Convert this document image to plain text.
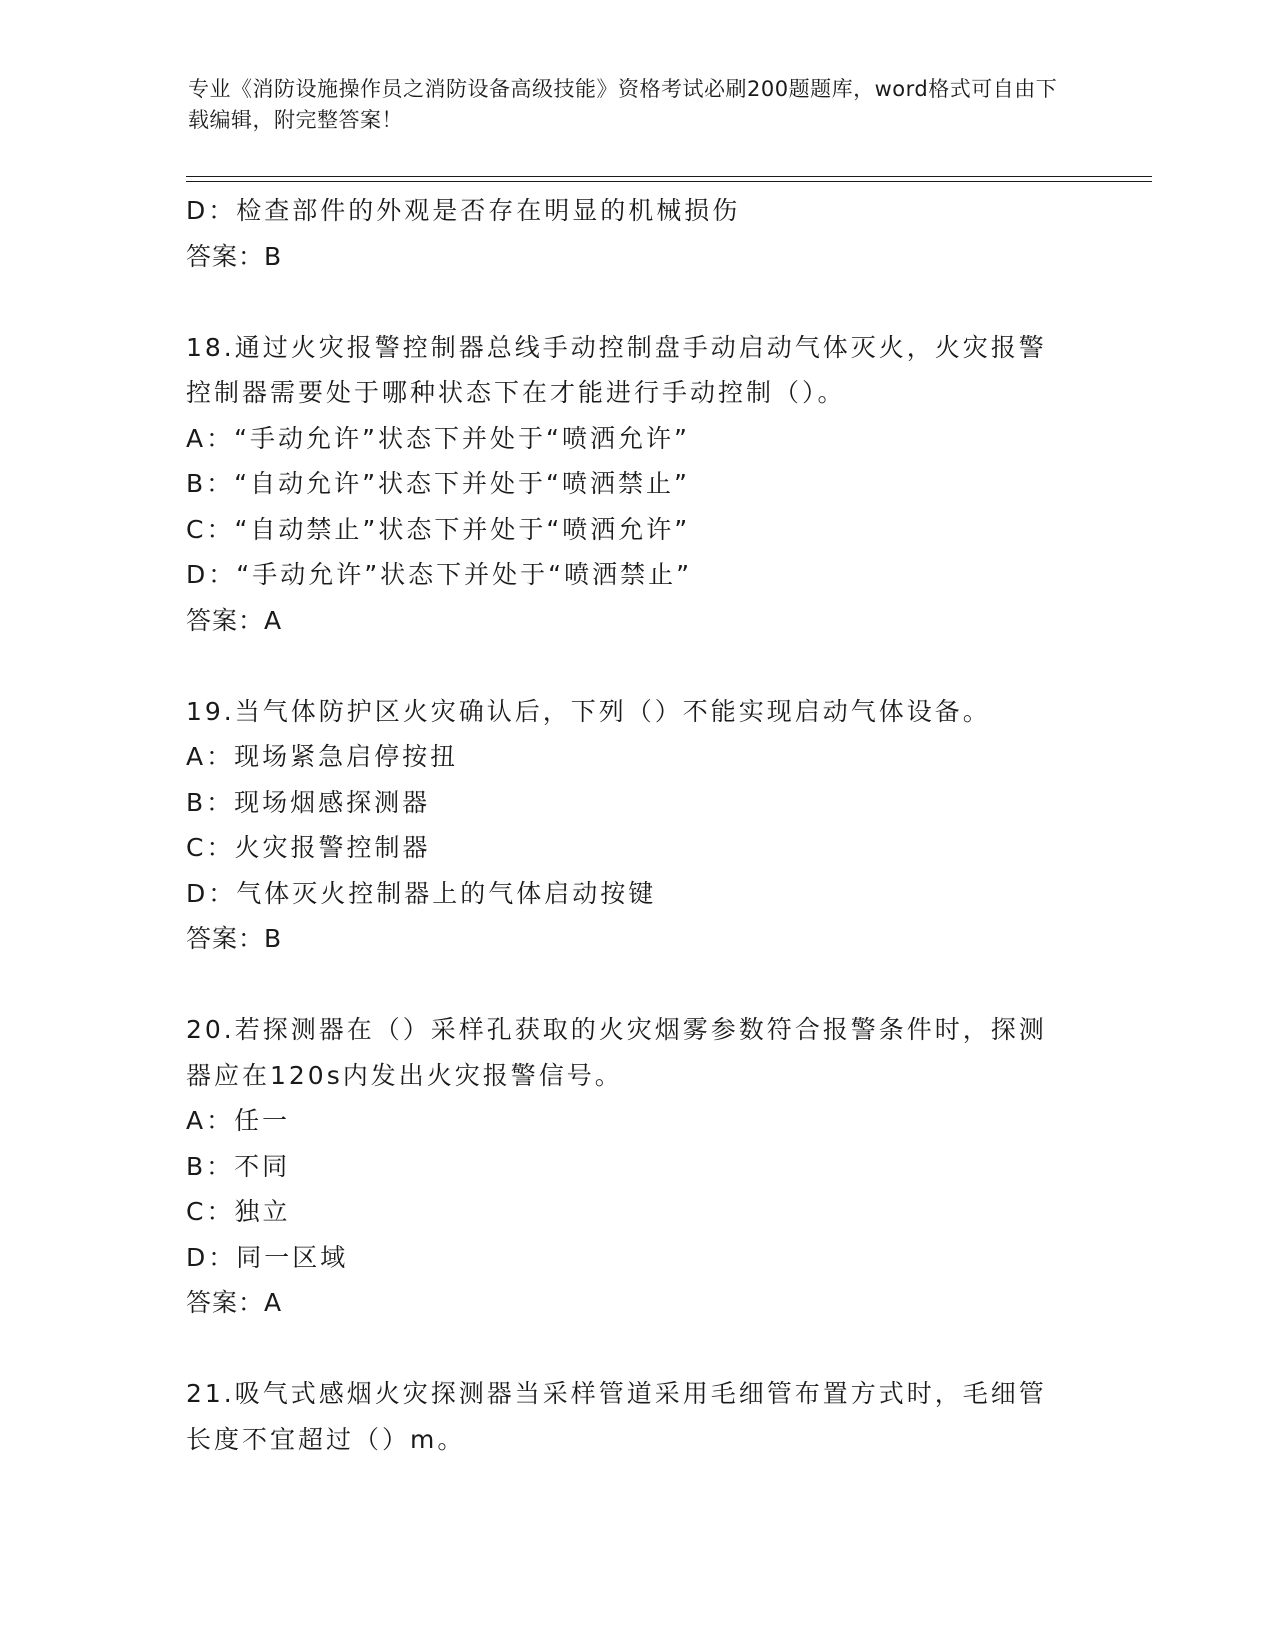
专业《消防设施操作员之消防设备高级技能》资格考试必刷200题题库，word格式可自由下载编辑，附完整答案！
D：检查部件的外观是否存在明显的机械损伤
答案：B
18.通过火灾报警控制器总线手动控制盘手动启动气体灭火，火灾报警
控制器需要处于哪种状态下在才能进行手动控制（）。
A：“手动允许”状态下并处于“喷洒允许”
B：“自动允许”状态下并处于“喷洒禁止”
C：“自动禁止”状态下并处于“喷洒允许”
D：“手动允许”状态下并处于“喷洒禁止”
答案：A
19.当气体防护区火灾确认后，下列（）不能实现启动气体设备。
A：现场紧急启停按扭
B：现场烟感探测器
C：火灾报警控制器
D：气体灭火控制器上的气体启动按键
答案：B
20.若探测器在（）采样孔获取的火灾烟雾参数符合报警条件时，探测
器应在120s内发出火灾报警信号。
A：任一
B：不同
C：独立
D：同一区域
答案：A
21.吸气式感烟火灾探测器当采样管道采用毛细管布置方式时，毛细管
长度不宜超过（）m。
